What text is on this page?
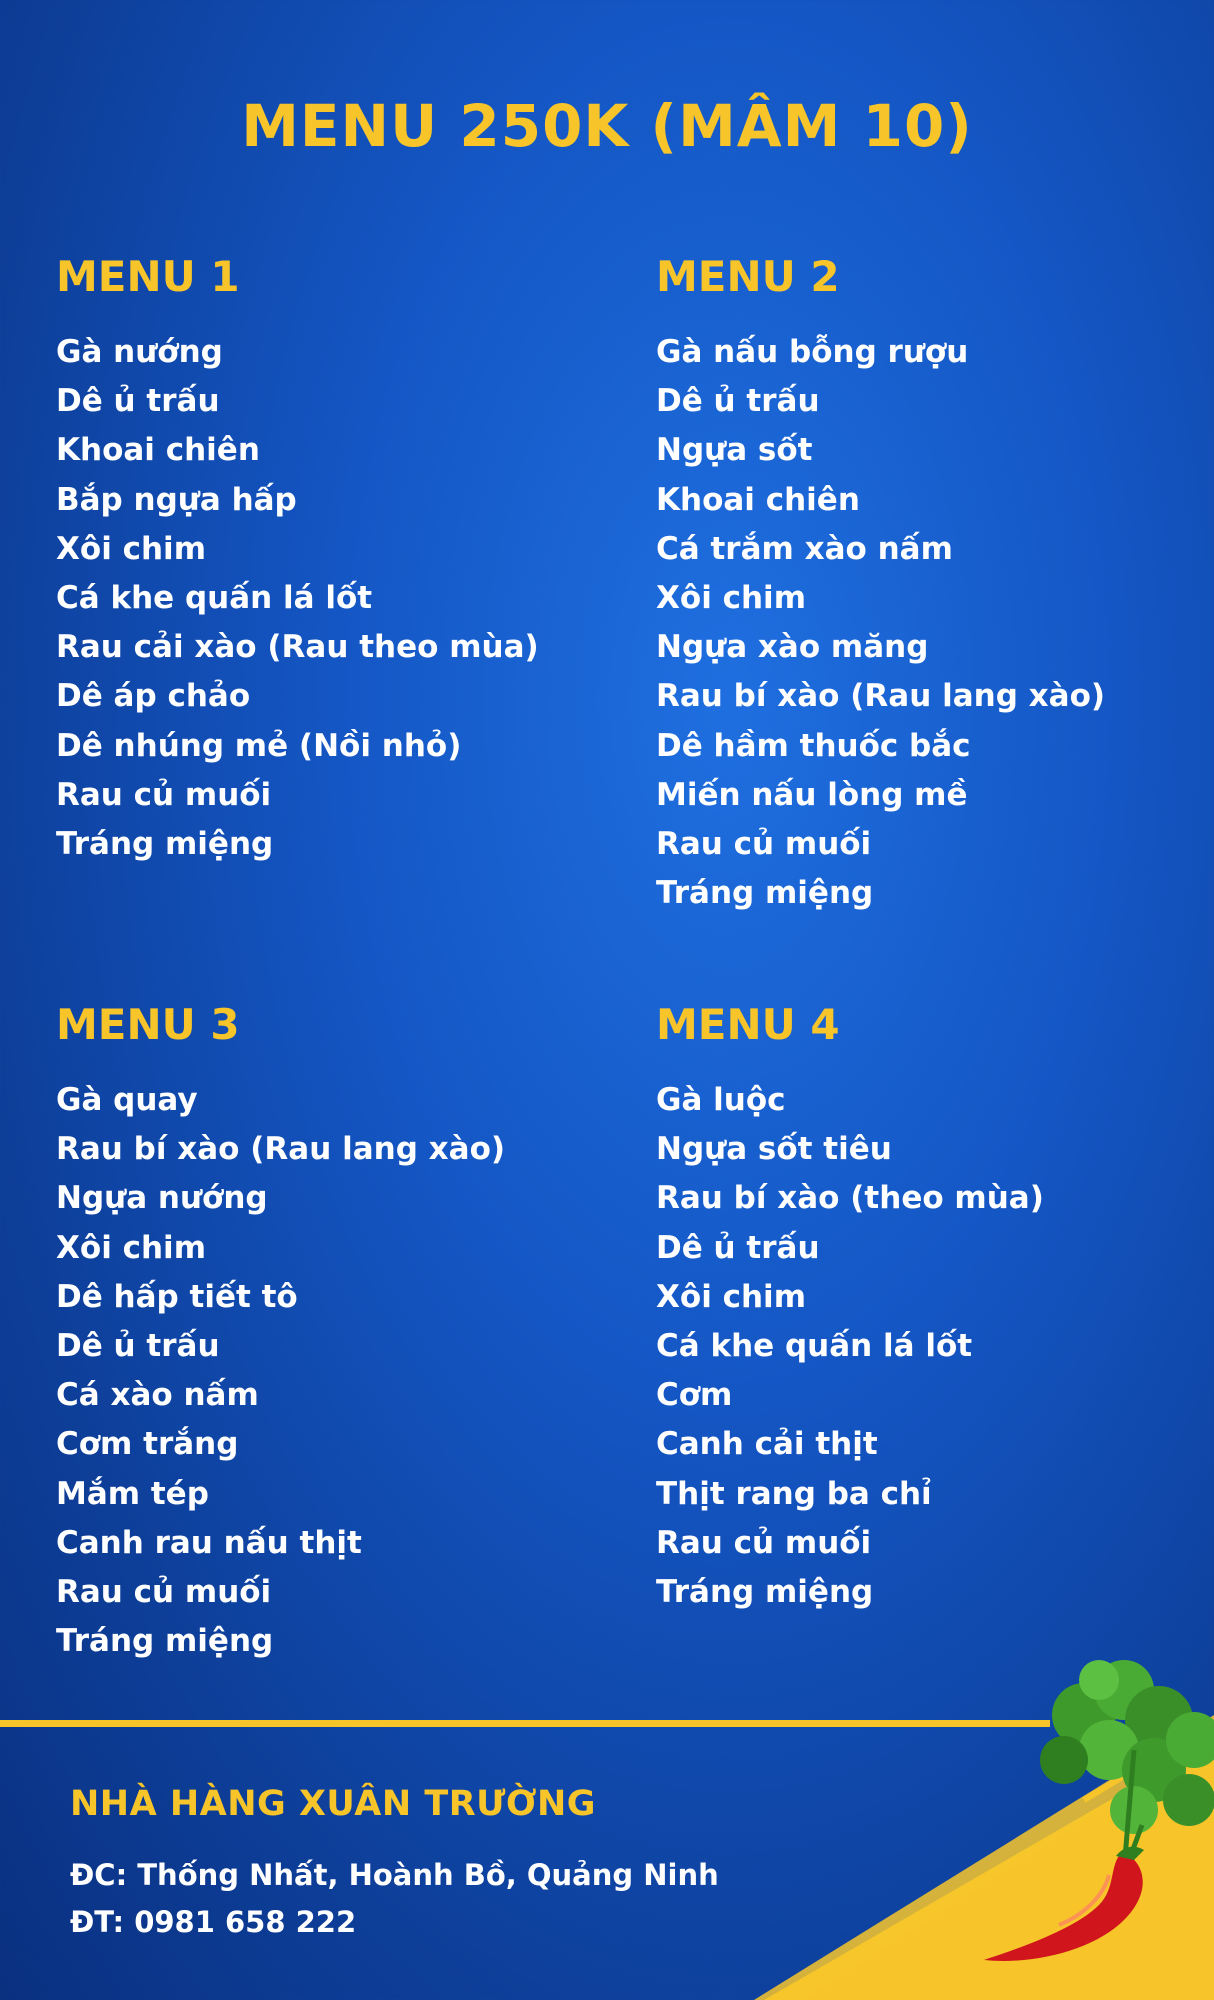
MENU 250K (MÂM 10)
MENU 1
Gà nướng
Dê ủ trấu
Khoai chiên
Bắp ngựa hấp
Xôi chim
Cá khe quấn lá lốt
Rau cải xào (Rau theo mùa)
Dê áp chảo
Dê nhúng mẻ (Nồi nhỏ)
Rau củ muối
Tráng miệng
MENU 2
Gà nấu bỗng rượu
Dê ủ trấu
Ngựa sốt
Khoai chiên
Cá trắm xào nấm
Xôi chim
Ngựa xào măng
Rau bí xào (Rau lang xào)
Dê hầm thuốc bắc
Miến nấu lòng mề
Rau củ muối
Tráng miệng
MENU 3
Gà quay
Rau bí xào (Rau lang xào)
Ngựa nướng
Xôi chim
Dê hấp tiết tô
Dê ủ trấu
Cá xào nấm
Cơm trắng
Mắm tép
Canh rau nấu thịt
Rau củ muối
Tráng miệng
MENU 4
Gà luộc
Ngựa sốt tiêu
Rau bí xào (theo mùa)
Dê ủ trấu
Xôi chim
Cá khe quấn lá lốt
Cơm
Canh cải thịt
Thịt rang ba chỉ
Rau củ muối
Tráng miệng
NHÀ HÀNG XUÂN TRƯỜNG
ĐC: Thống Nhất, Hoành Bồ, Quảng Ninh
ĐT: 0981 658 222
